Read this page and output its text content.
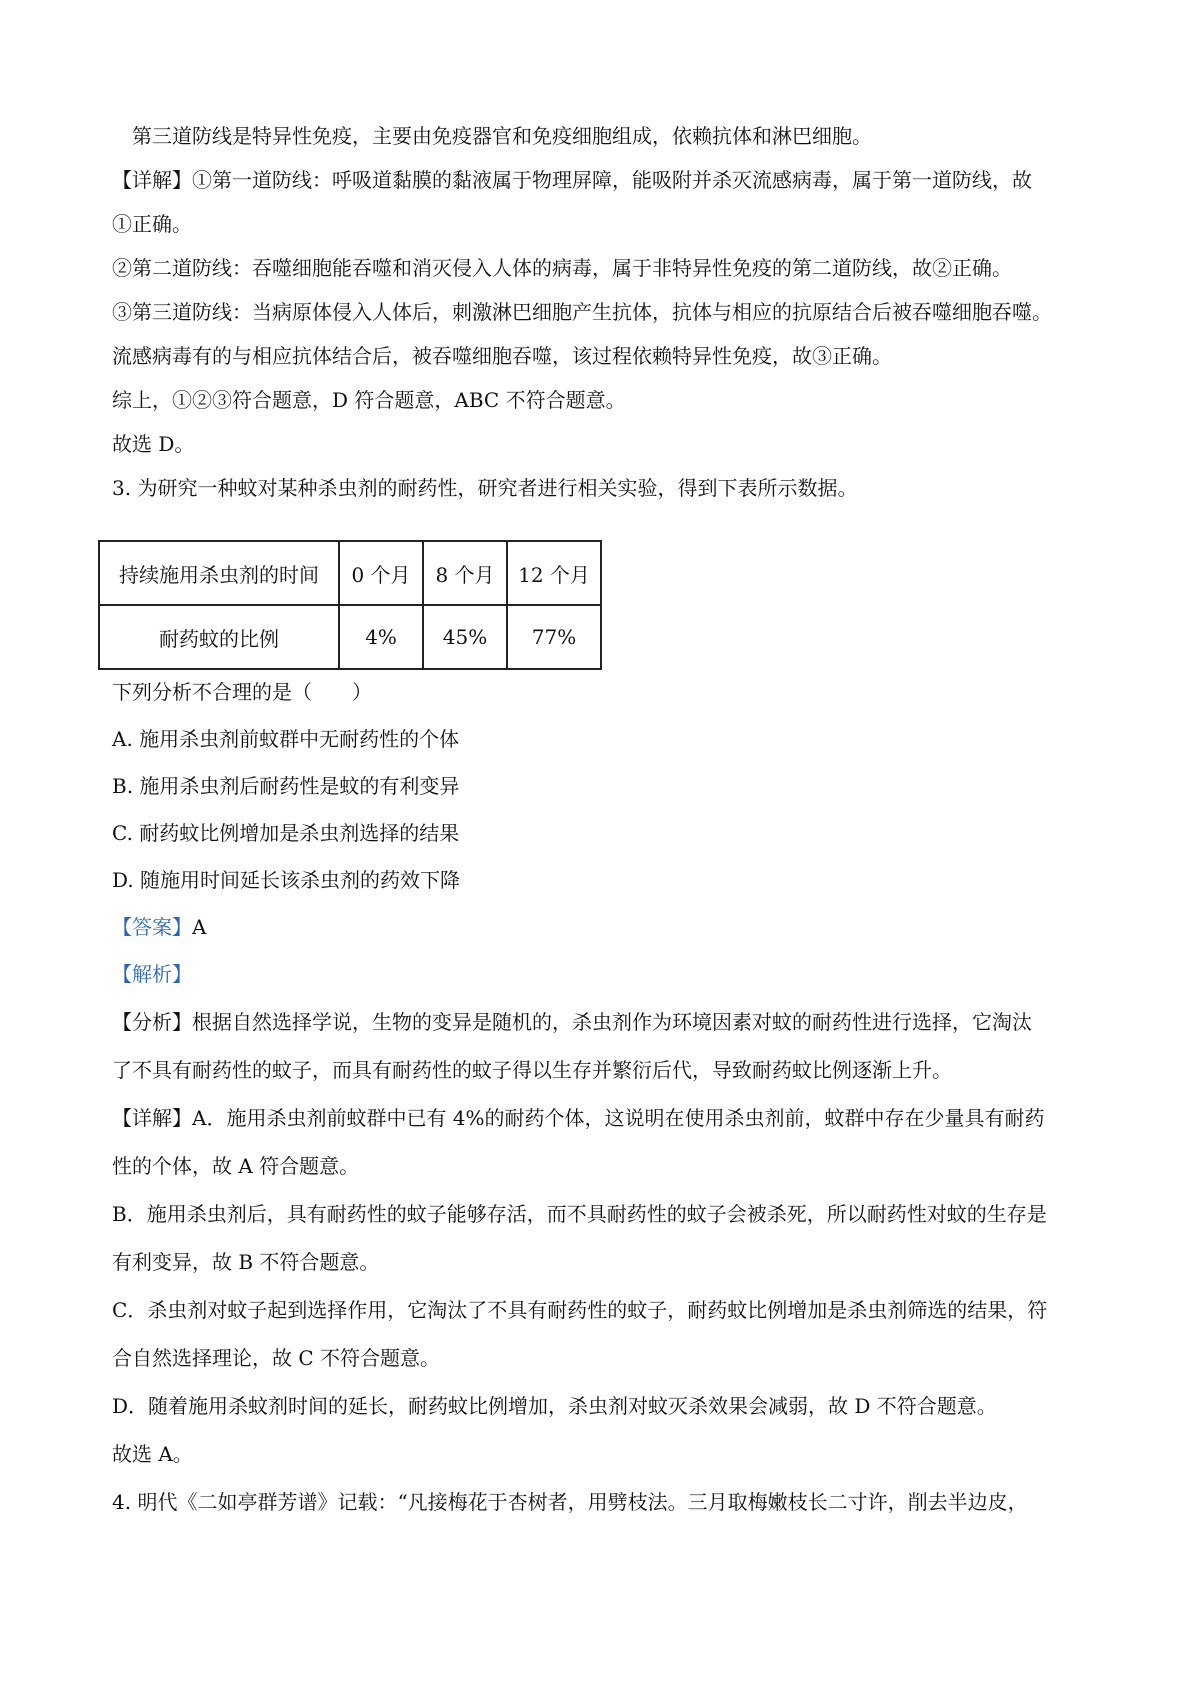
第三道防线是特异性免疫，主要由免疫器官和免疫细胞组成，依赖抗体和淋巴细胞。
【详解】①第一道防线：呼吸道黏膜的黏液属于物理屏障，能吸附并杀灭流感病毒，属于第一道防线，故
①正确。
②第二道防线：吞噬细胞能吞噬和消灭侵入人体的病毒，属于非特异性免疫的第二道防线，故②正确。
③第三道防线：当病原体侵入人体后，刺激淋巴细胞产生抗体，抗体与相应的抗原结合后被吞噬细胞吞噬。
流感病毒有的与相应抗体结合后，被吞噬细胞吞噬，该过程依赖特异性免疫，故③正确。
综上，①②③符合题意，D 符合题意，ABC 不符合题意。
故选 D。
3. 为研究一种蚊对某种杀虫剂的耐药性，研究者进行相关实验，得到下表所示数据。
持续施用杀虫剂的时间	0 个月	8 个月	12 个月
耐药蚊的比例	4%	45%	77%
下列分析不合理的是（　　）
A. 施用杀虫剂前蚊群中无耐药性的个体
B. 施用杀虫剂后耐药性是蚊的有利变异
C. 耐药蚊比例增加是杀虫剂选择的结果
D. 随施用时间延长该杀虫剂的药效下降
【答案】A
【解析】
【分析】根据自然选择学说，生物的变异是随机的，杀虫剂作为环境因素对蚊的耐药性进行选择，它淘汰
了不具有耐药性的蚊子，而具有耐药性的蚊子得以生存并繁衍后代，导致耐药蚊比例逐渐上升。
【详解】A．施用杀虫剂前蚊群中已有 4%的耐药个体，这说明在使用杀虫剂前，蚊群中存在少量具有耐药
性的个体，故 A 符合题意。
B．施用杀虫剂后，具有耐药性的蚊子能够存活，而不具耐药性的蚊子会被杀死，所以耐药性对蚊的生存是
有利变异，故 B 不符合题意。
C．杀虫剂对蚊子起到选择作用，它淘汰了不具有耐药性的蚊子，耐药蚊比例增加是杀虫剂筛选的结果，符
合自然选择理论，故 C 不符合题意。
D．随着施用杀蚊剂时间的延长，耐药蚊比例增加，杀虫剂对蚊灭杀效果会减弱，故 D 不符合题意。
故选 A。
4. 明代《二如亭群芳谱》记载：“凡接梅花于杏树者，用劈枝法。三月取梅嫩枝长二寸许，削去半边皮，
